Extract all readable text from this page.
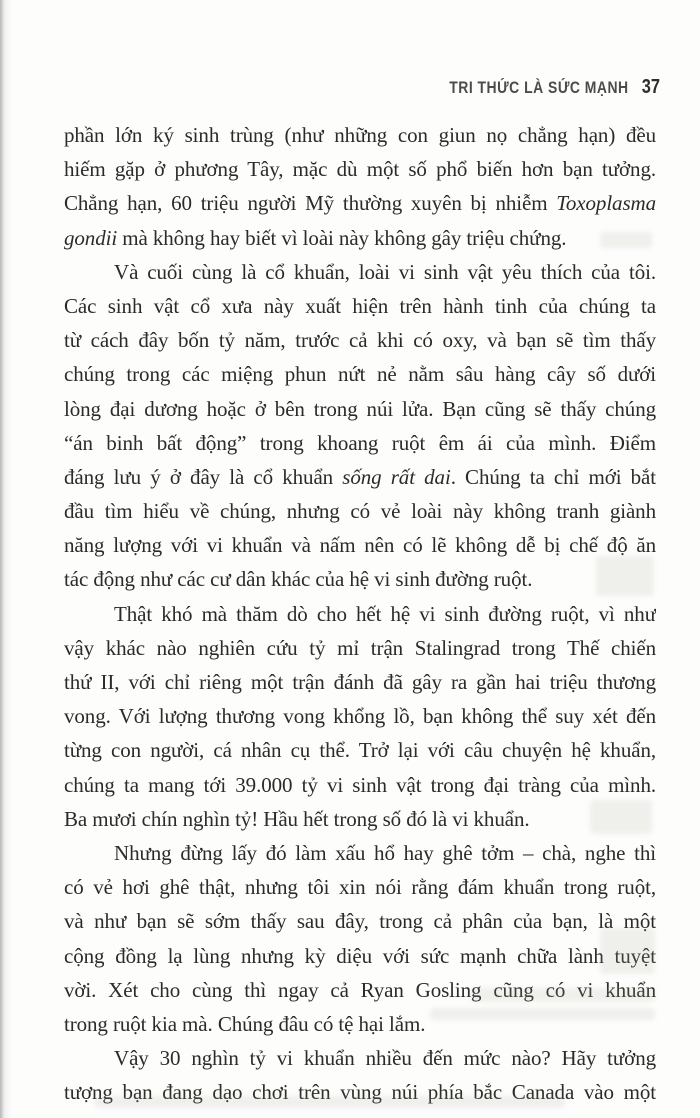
TRI THỨC LÀ SỨC MẠNH 37
phần lớn ký sinh trùng (như những con giun nọ chẳng hạn) đều
hiếm gặp ở phương Tây, mặc dù một số phổ biến hơn bạn tưởng.
Chẳng hạn, 60 triệu người Mỹ thường xuyên bị nhiễm Toxoplasma
gondii mà không hay biết vì loài này không gây triệu chứng.
Và cuối cùng là cổ khuẩn, loài vi sinh vật yêu thích của tôi.
Các sinh vật cổ xưa này xuất hiện trên hành tinh của chúng ta
từ cách đây bốn tỷ năm, trước cả khi có oxy, và bạn sẽ tìm thấy
chúng trong các miệng phun nứt nẻ nằm sâu hàng cây số dưới
lòng đại dương hoặc ở bên trong núi lửa. Bạn cũng sẽ thấy chúng
“án binh bất động” trong khoang ruột êm ái của mình. Điểm
đáng lưu ý ở đây là cổ khuẩn sống rất dai. Chúng ta chỉ mới bắt
đầu tìm hiểu về chúng, nhưng có vẻ loài này không tranh giành
năng lượng với vi khuẩn và nấm nên có lẽ không dễ bị chế độ ăn
tác động như các cư dân khác của hệ vi sinh đường ruột.
Thật khó mà thăm dò cho hết hệ vi sinh đường ruột, vì như
vậy khác nào nghiên cứu tỷ mỉ trận Stalingrad trong Thế chiến
thứ II, với chỉ riêng một trận đánh đã gây ra gần hai triệu thương
vong. Với lượng thương vong khổng lồ, bạn không thể suy xét đến
từng con người, cá nhân cụ thể. Trở lại với câu chuyện hệ khuẩn,
chúng ta mang tới 39.000 tỷ vi sinh vật trong đại tràng của mình.
Ba mươi chín nghìn tỷ! Hầu hết trong số đó là vi khuẩn.
Nhưng đừng lấy đó làm xấu hổ hay ghê tởm – chà, nghe thì
có vẻ hơi ghê thật, nhưng tôi xin nói rằng đám khuẩn trong ruột,
và như bạn sẽ sớm thấy sau đây, trong cả phân của bạn, là một
cộng đồng lạ lùng nhưng kỳ diệu với sức mạnh chữa lành tuyệt
vời. Xét cho cùng thì ngay cả Ryan Gosling cũng có vi khuẩn
trong ruột kia mà. Chúng đâu có tệ hại lắm.
Vậy 30 nghìn tỷ vi khuẩn nhiều đến mức nào? Hãy tưởng
tượng bạn đang dạo chơi trên vùng núi phía bắc Canada vào một
